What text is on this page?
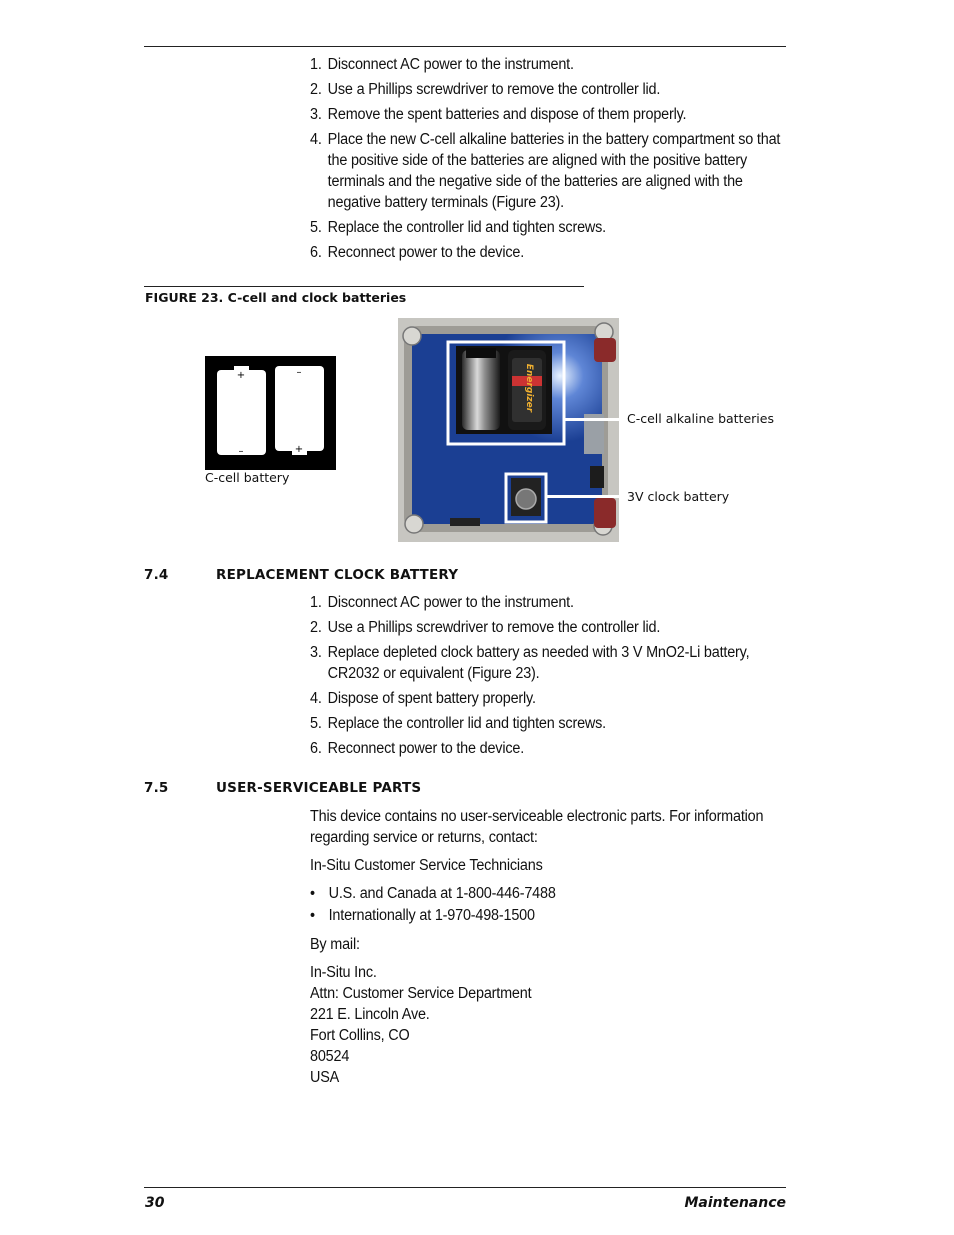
1. Disconnect AC power to the instrument.
2. Use a Phillips screwdriver to remove the controller lid.
3. Remove the spent batteries and dispose of them properly.
4. Place the new C-cell alkaline batteries in the battery compartment so that the positive side of the batteries are aligned with the positive battery terminals and the negative side of the batteries are aligned with the negative battery terminals (Figure 23).
5. Replace the controller lid and tighten screws.
6. Reconnect power to the device.
FIGURE 23. C-cell and clock batteries
+
–
–
+
C-cell battery
Energizer
C-cell alkaline batteries
3V clock battery
7.4	REPLACEMENT CLOCK BATTERY
1. Disconnect AC power to the instrument.
2. Use a Phillips screwdriver to remove the controller lid.
3. Replace depleted clock battery as needed with 3 V MnO2-Li battery, CR2032 or equivalent (Figure 23).
4. Dispose of spent battery properly.
5. Replace the controller lid and tighten screws.
6. Reconnect power to the device.
7.5	USER-SERVICEABLE PARTS

This device contains no user-serviceable electronic parts. For information regarding service or returns, contact:

In-Situ Customer Service Technicians

• U.S. and Canada at 1-800-446-7488
• Internationally at 1-970-498-1500

By mail:

In-Situ Inc.

Attn: Customer Service Department

221 E. Lincoln Ave.

Fort Collins, CO

80524

USA

30	Maintenance
